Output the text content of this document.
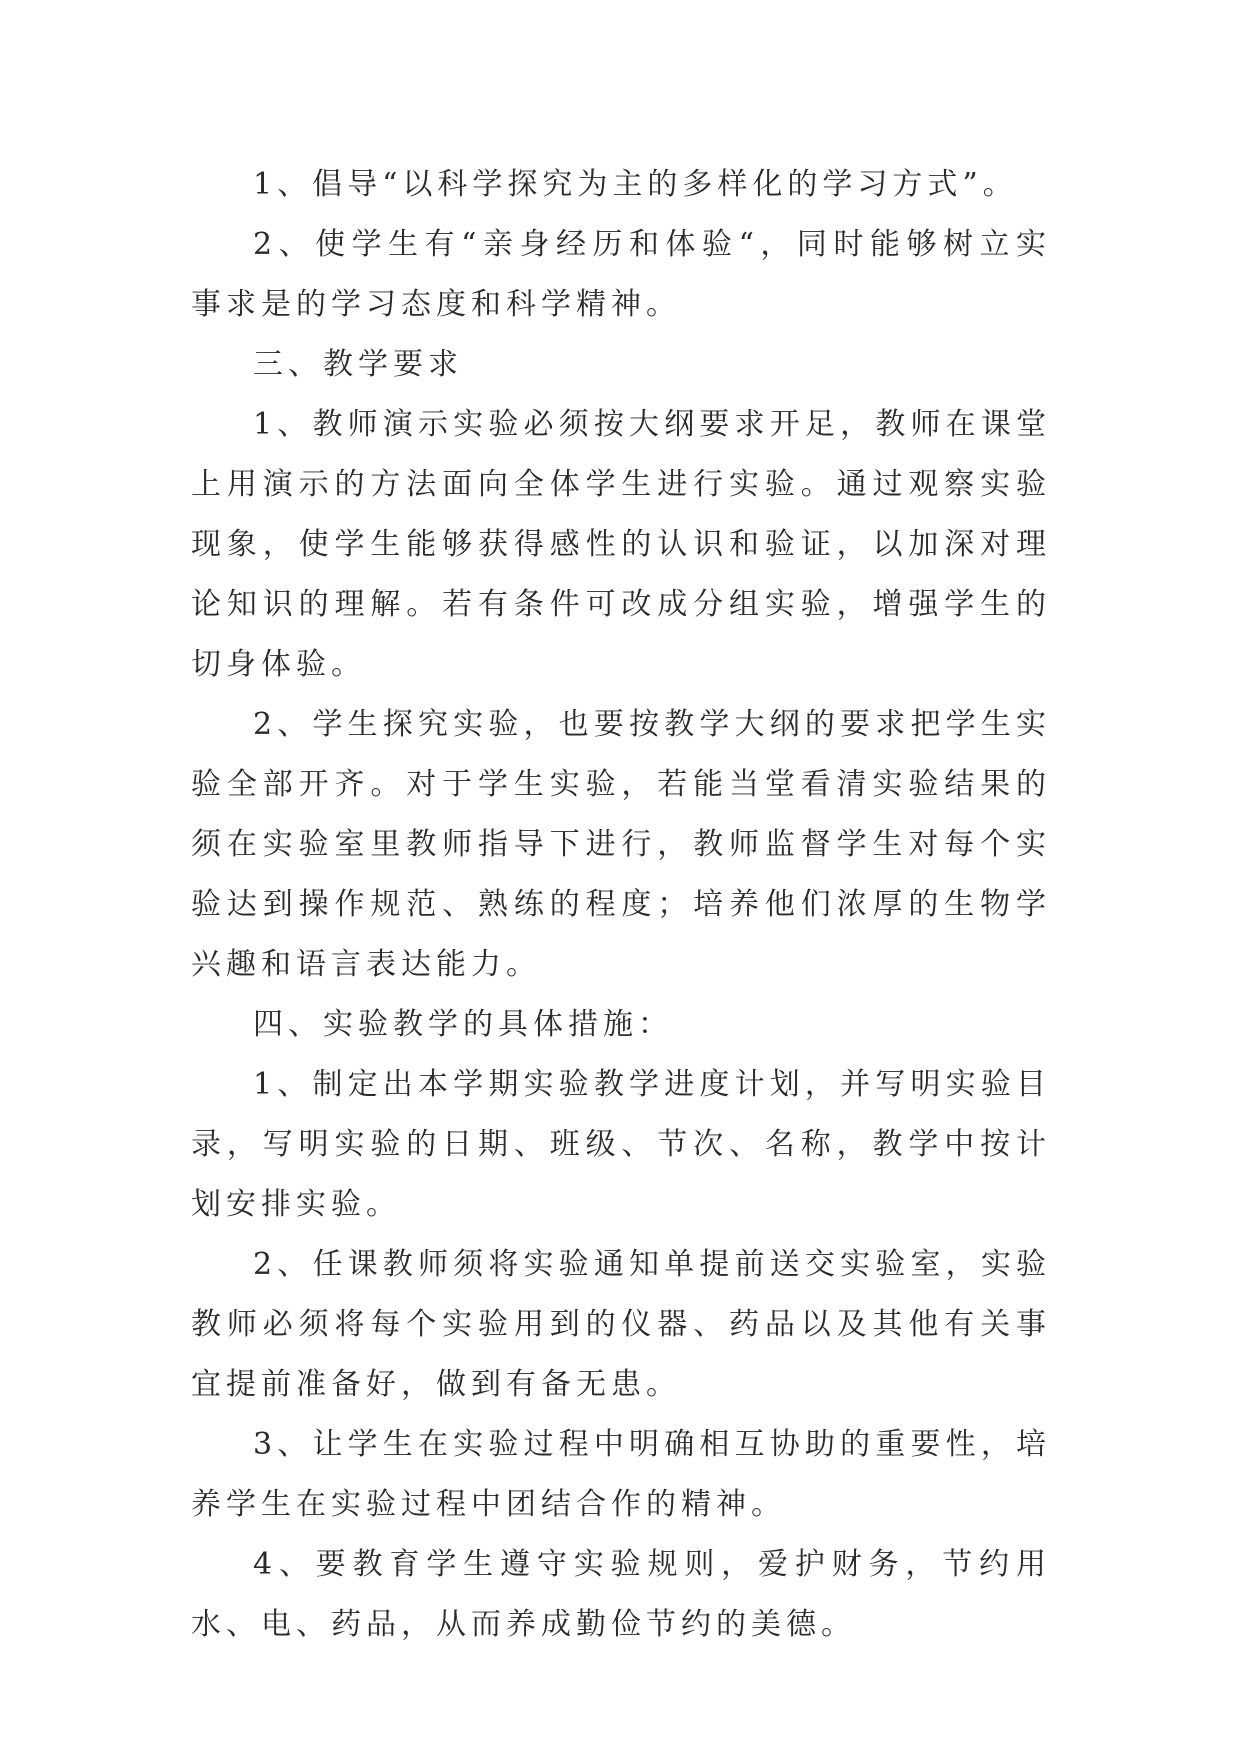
1、倡导“以科学探究为主的多样化的学习方式”。

2、使学生有“亲身经历和体验“，同时能够树立实事求是的学习态度和科学精神。

三、教学要求

1、教师演示实验必须按大纲要求开足，教师在课堂上用演示的方法面向全体学生进行实验。通过观察实验现象，使学生能够获得感性的认识和验证，以加深对理论知识的理解。若有条件可改成分组实验，增强学生的切身体验。

2、学生探究实验，也要按教学大纲的要求把学生实验全部开齐。对于学生实验，若能当堂看清实验结果的须在实验室里教师指导下进行，教师监督学生对每个实验达到操作规范、熟练的程度；培养他们浓厚的生物学兴趣和语言表达能力。

四、实验教学的具体措施：

1、制定出本学期实验教学进度计划，并写明实验目录，写明实验的日期、班级、节次、名称，教学中按计划安排实验。

2、任课教师须将实验通知单提前送交实验室，实验教师必须将每个实验用到的仪器、药品以及其他有关事宜提前准备好，做到有备无患。

3、让学生在实验过程中明确相互协助的重要性，培养学生在实验过程中团结合作的精神。

4、要教育学生遵守实验规则，爱护财务，节约用水、电、药品，从而养成勤俭节约的美德。
